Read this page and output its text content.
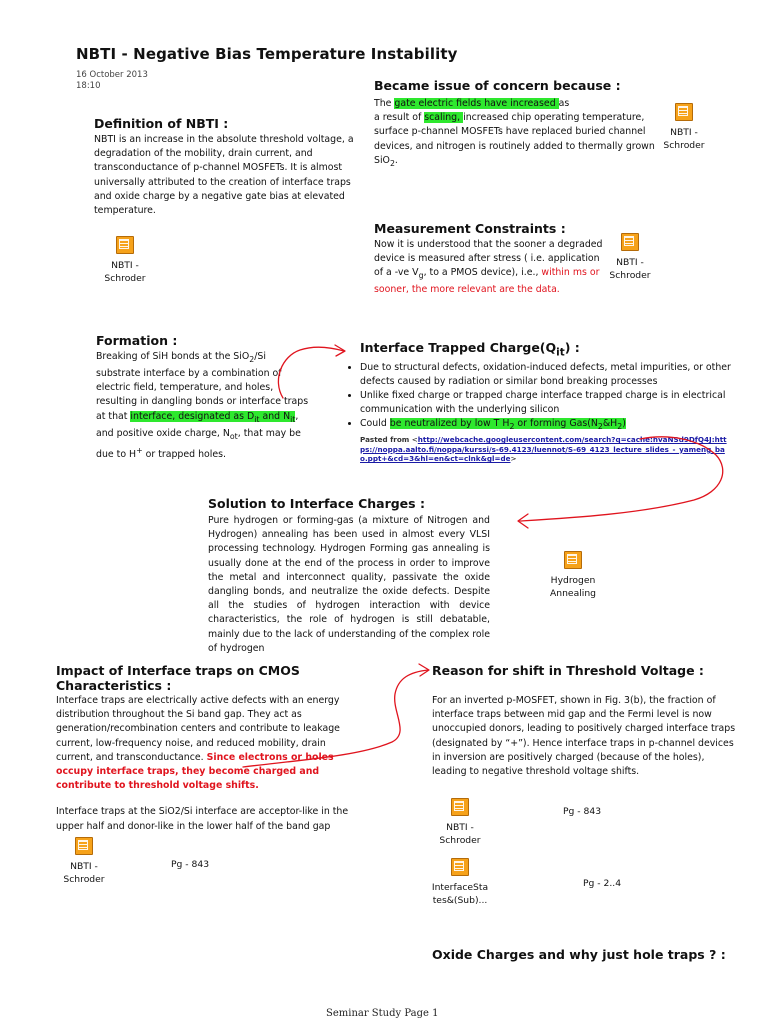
NBTI - Negative Bias Temperature Instability
16 October 2013
18:10
Definition of NBTI :
NBTI is an increase in the absolute threshold voltage, a degradation of the mobility, drain current, and transconductance of p-channel MOSFETs. It is almost universally attributed to the creation of interface traps and oxide charge by a negative gate bias at elevated temperature.
Became issue of concern because :
The gate electric fields have increased as
a result of scaling, increased chip operating temperature, surface p-channel MOSFETs have replaced buried channel devices, and nitrogen is routinely added to thermally grown SiO$_2$.
Measurement Constraints :
Now it is understood that the sooner a degraded device is measured after stress ( i.e. application of a -ve $V_g$, to a PMOS device), i.e., within ms or sooner, the more relevant are the data.
Formation :
Breaking of SiH bonds at the SiO$_2$/Si substrate interface by a combination of electric field, temperature, and holes, resulting in dangling bonds or interface traps at that interface, designated as $D_{it}$ and $N_{it}$, and positive oxide charge, $N_{ot}$, that may be due to H+ or trapped holes.
Interface Trapped $Charge(Q_{it})$ :
• Due to structural defects, oxidation-induced defects, metal impurities, or other defects caused by radiation or similar bond breaking processes
• Unlike fixed charge or trapped charge interface trapped charge is in electrical communication with the underlying silicon
• Could be neutralized by low T $H_2$ or forming $Gas(N_2\&H_2)$
Pasted from <http://webcache.googleusercontent.com/search?q=cache:hvaNSd9DfQ4J:https://noppa.aalto.fi/noppa/kurssi/s-69.4123/luennot/S-69_4123_lecture_slides_-_yameng_bao.ppt+&cd=3&hl=en&ct=clnk&gl=de>
Solution to Interface Charges :
Pure hydrogen or forming-gas (a mixture of Nitrogen and Hydrogen) annealing has been used in almost every VLSI processing technology. Hydrogen Forming gas annealing is usually done at the end of the process in order to improve the metal and interconnect quality, passivate the oxide dangling bonds, and neutralize the oxide defects. Despite all the studies of hydrogen interaction with device characteristics, the role of hydrogen is still debatable, mainly due to the lack of understanding of the complex role of hydrogen
Impact of Interface traps on CMOS Characteristics :
Interface traps are electrically active defects with an energy distribution throughout the Si band gap. They act as generation/recombination centers and contribute to leakage current, low-frequency noise, and reduced mobility, drain current, and transconductance. Since electrons or holes occupy interface traps, they become charged and contribute to threshold voltage shifts.
Interface traps at the SiO2/Si interface are acceptor-like in the upper half and donor-like in the lower half of the band gap
Reason for shift in Threshold Voltage :
For an inverted p-MOSFET, shown in Fig. 3(b), the fraction of interface traps between mid gap and the Fermi level is now unoccupied donors, leading to positively charged interface traps (designated by “+”). Hence interface traps in p-channel devices in inversion are positively charged (because of the holes), leading to negative threshold voltage shifts.
Oxide Charges and why just hole traps ? :
NBTI -
Schroder
NBTI -
Schroder
NBTI -
Schroder
Hydrogen
Annealing
NBTI -
Schroder
NBTI -
Schroder
InterfaceSta
tes&(Sub)...
Pg - 843
Pg - 843
Pg - 2..4
Seminar Study Page 1
